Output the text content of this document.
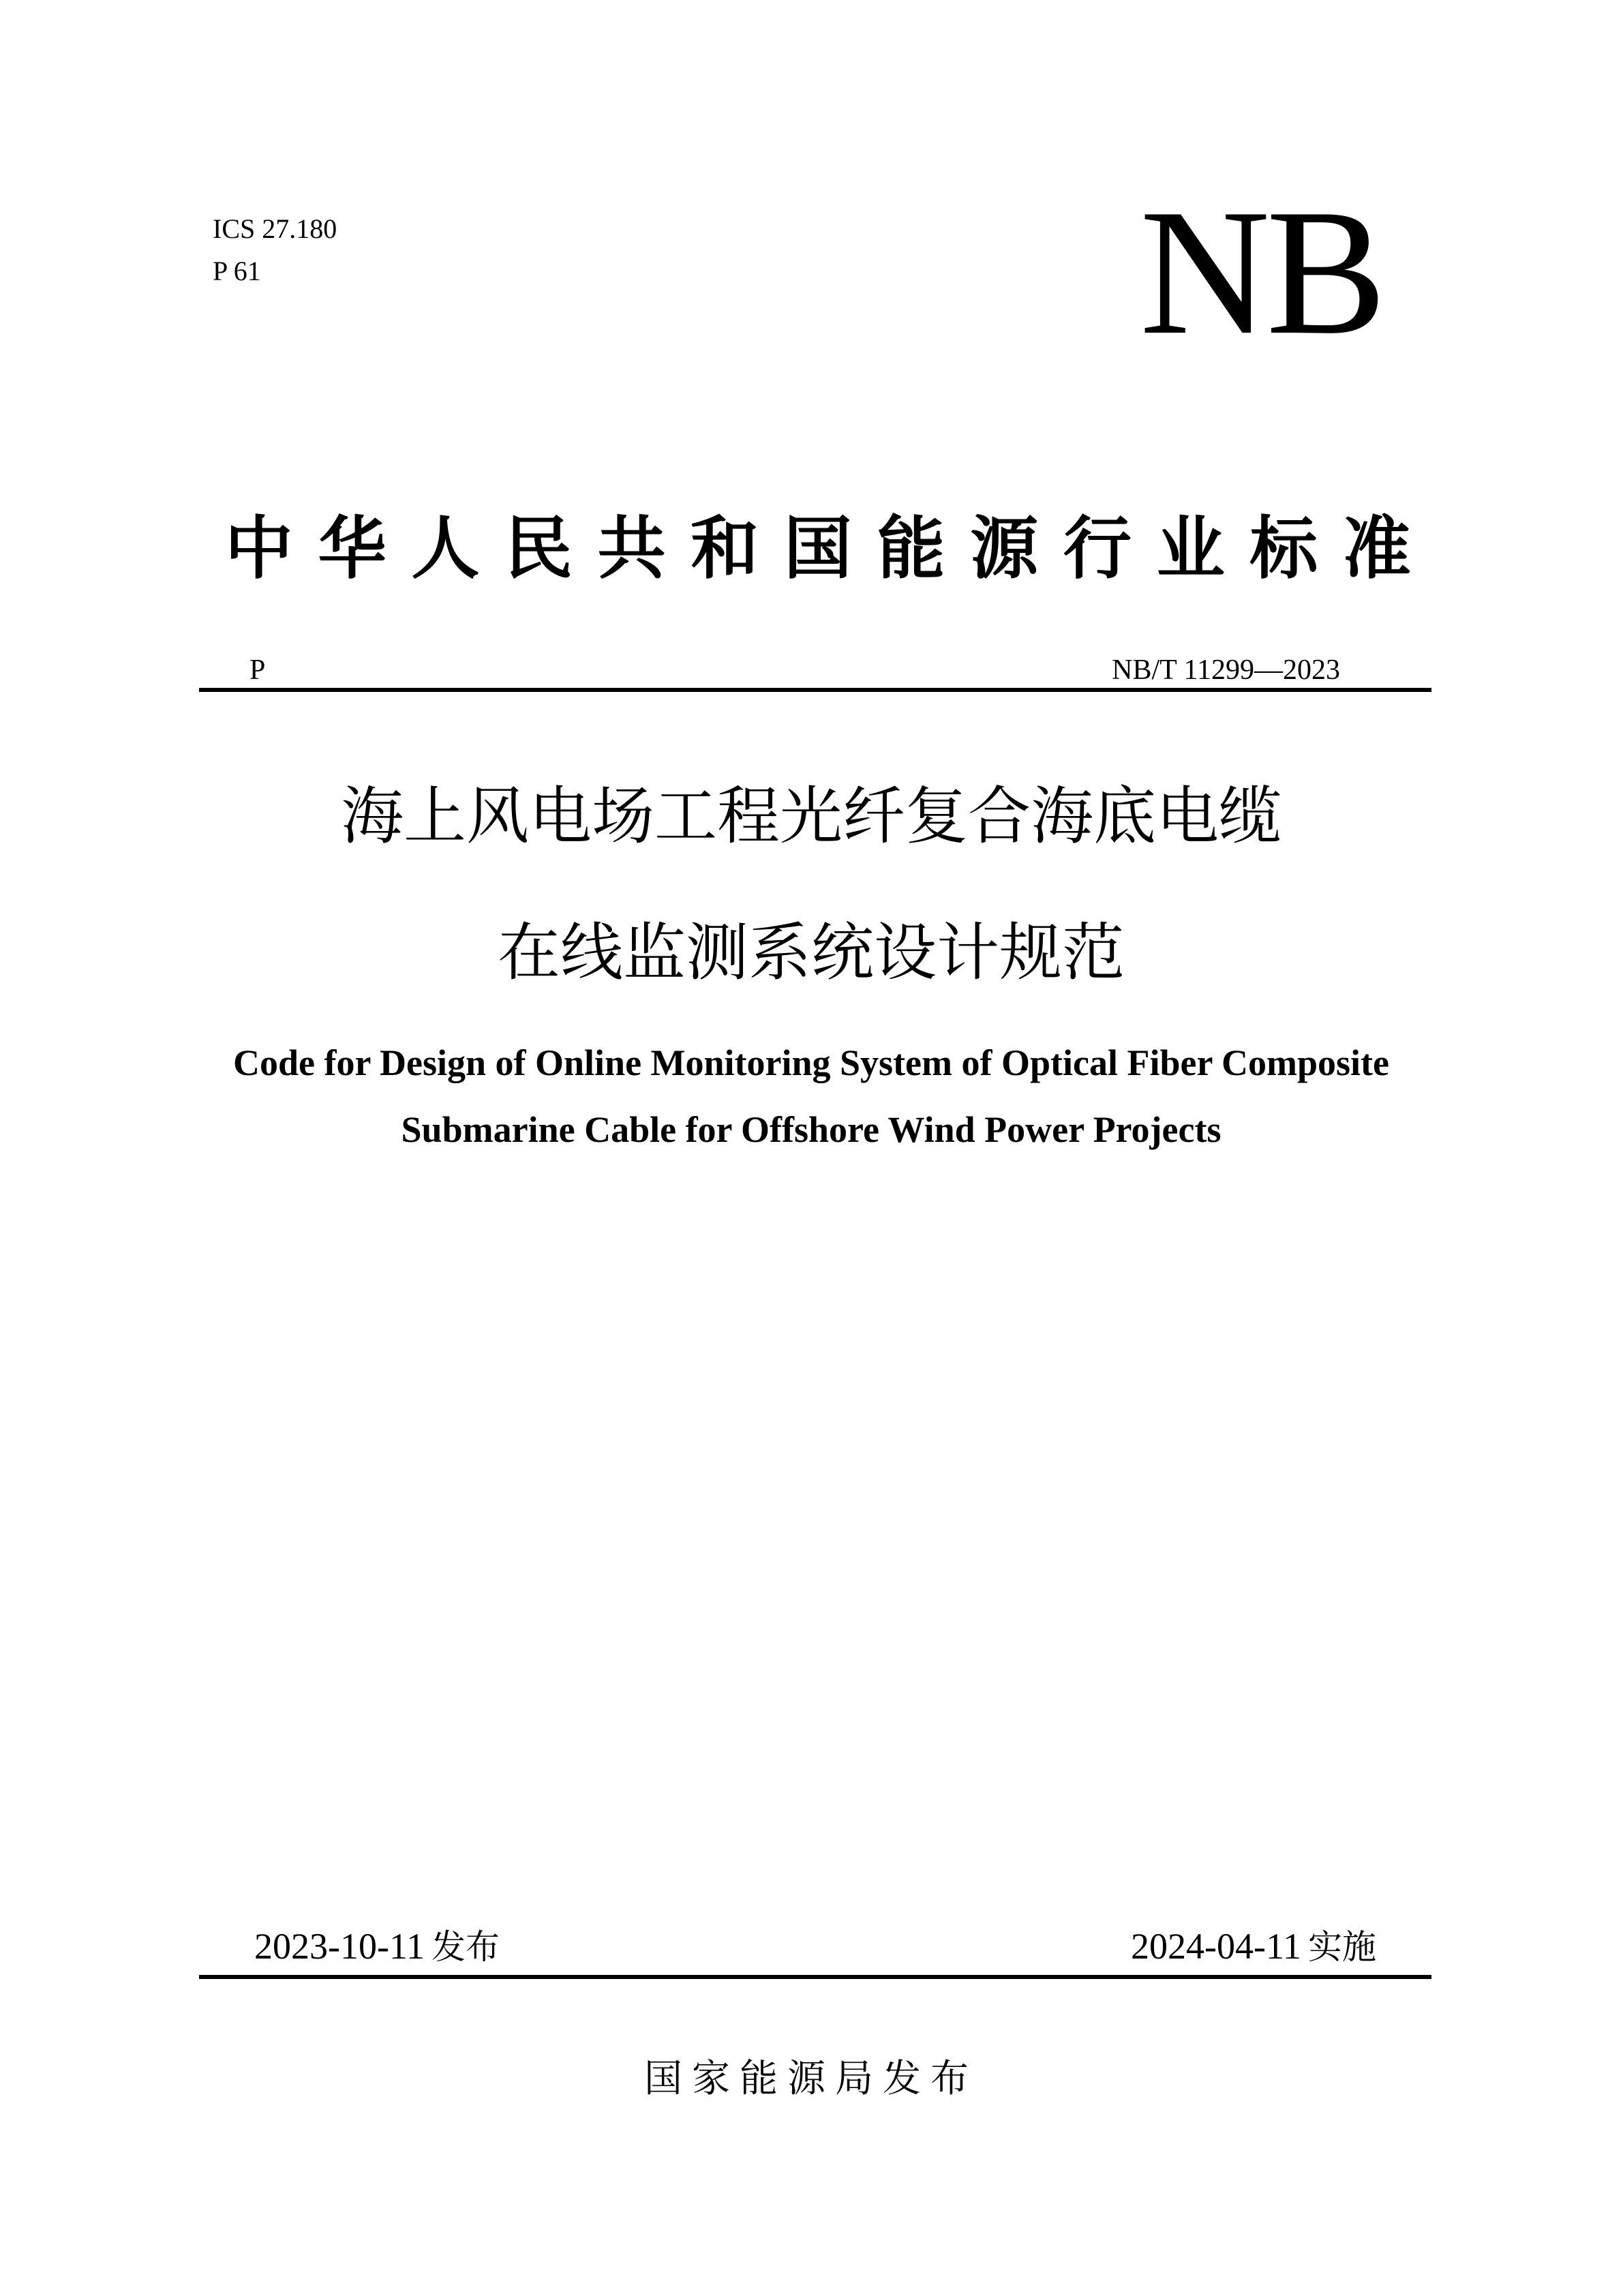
ICS 27.180
P 61	NB
中 华 人 民 共 和 国 能 源 行 业 标 准
P	NB/T 11299—2023
海上风电场工程光纤复合海底电缆
在线监测系统设计规范
Code for Design of Online Monitoring System of Optical Fiber Composite
Submarine Cable for Offshore Wind Power Projects
2023-10-11 发布	2024-04-11 实施
国家能源局发布
